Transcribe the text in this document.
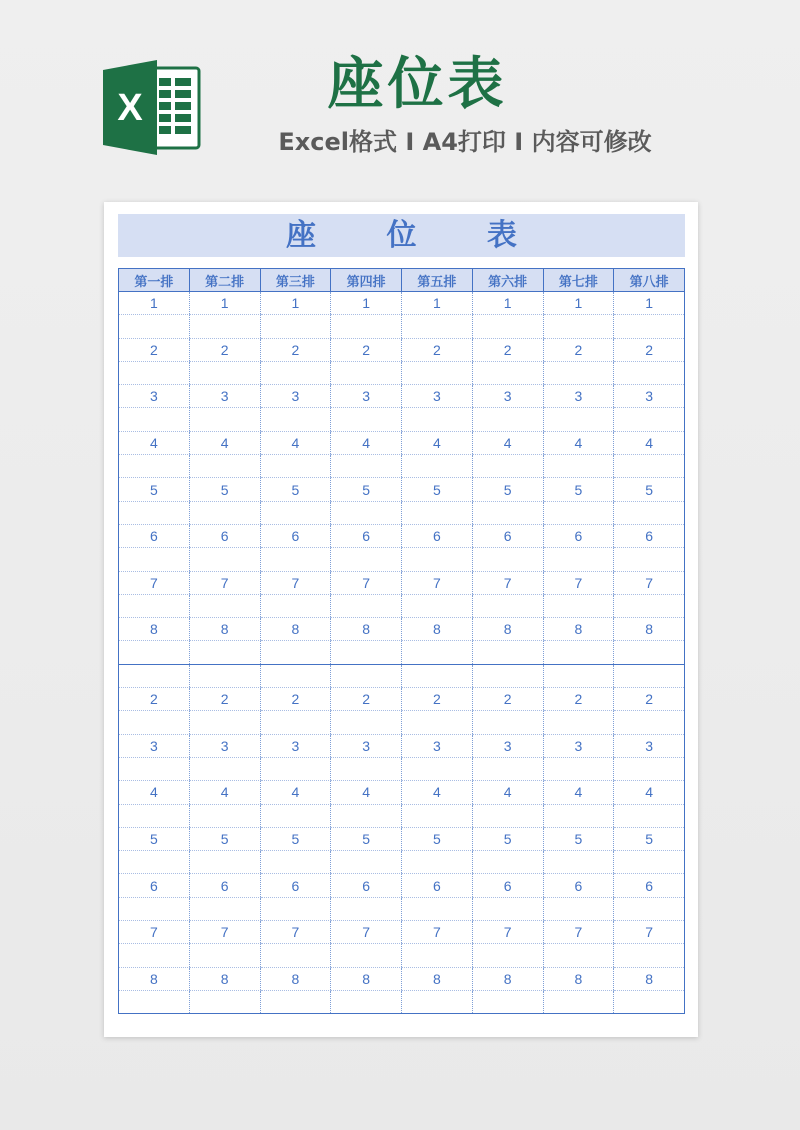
X	座位表
Excel格式 Ⅰ A4打印 Ⅰ 内容可修改
座 位 表
第一排	第二排	第三排	第四排	第五排	第六排	第七排	第八排
1	1	1	1	1	1	1	1

2	2	2	2	2	2	2	2

3	3	3	3	3	3	3	3

4	4	4	4	4	4	4	4

5	5	5	5	5	5	5	5

6	6	6	6	6	6	6	6

7	7	7	7	7	7	7	7

8	8	8	8	8	8	8	8

2	2	2	2	2	2	2	2

3	3	3	3	3	3	3	3

4	4	4	4	4	4	4	4

5	5	5	5	5	5	5	5

6	6	6	6	6	6	6	6

7	7	7	7	7	7	7	7

8	8	8	8	8	8	8	8
